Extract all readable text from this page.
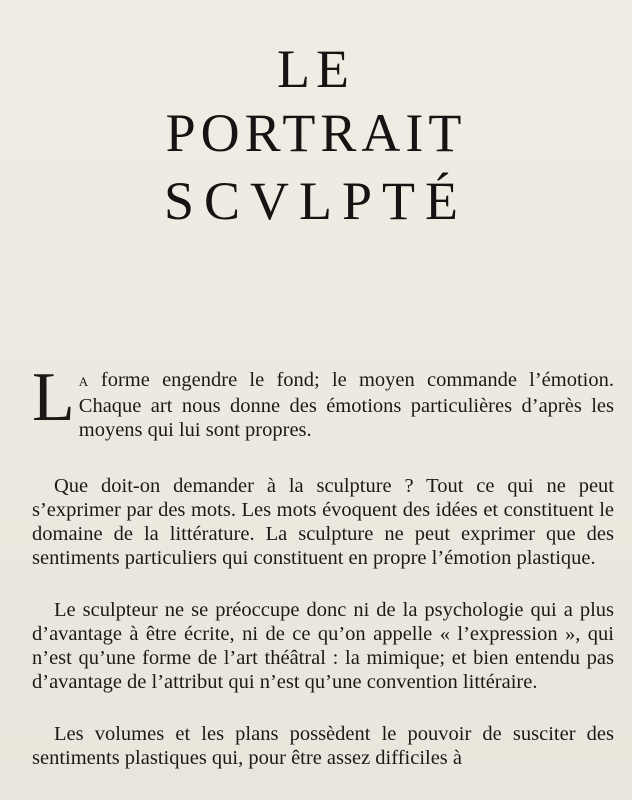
LE
PORTRAIT
SCVLPTÉ

L A forme engendre le fond; le moyen commande l’émotion. Chaque art nous donne des émotions particulières d’après les moyens qui lui sont propres.

Que doit-on demander à la sculpture ? Tout ce qui ne peut s’exprimer par des mots. Les mots évoquent des idées et constituent le domaine de la littérature. La sculpture ne peut exprimer que des sentiments particuliers qui constituent en propre l’émotion plastique.

Le sculpteur ne se préoccupe donc ni de la psychologie qui a plus d’avantage à être écrite, ni de ce qu’on appelle « l’expression », qui n’est qu’une forme de l’art théâtral : la mimique; et bien entendu pas d’avantage de l’attribut qui n’est qu’une convention littéraire.

Les volumes et les plans possèdent le pouvoir de susciter des sentiments plastiques qui, pour être assez difficiles à
